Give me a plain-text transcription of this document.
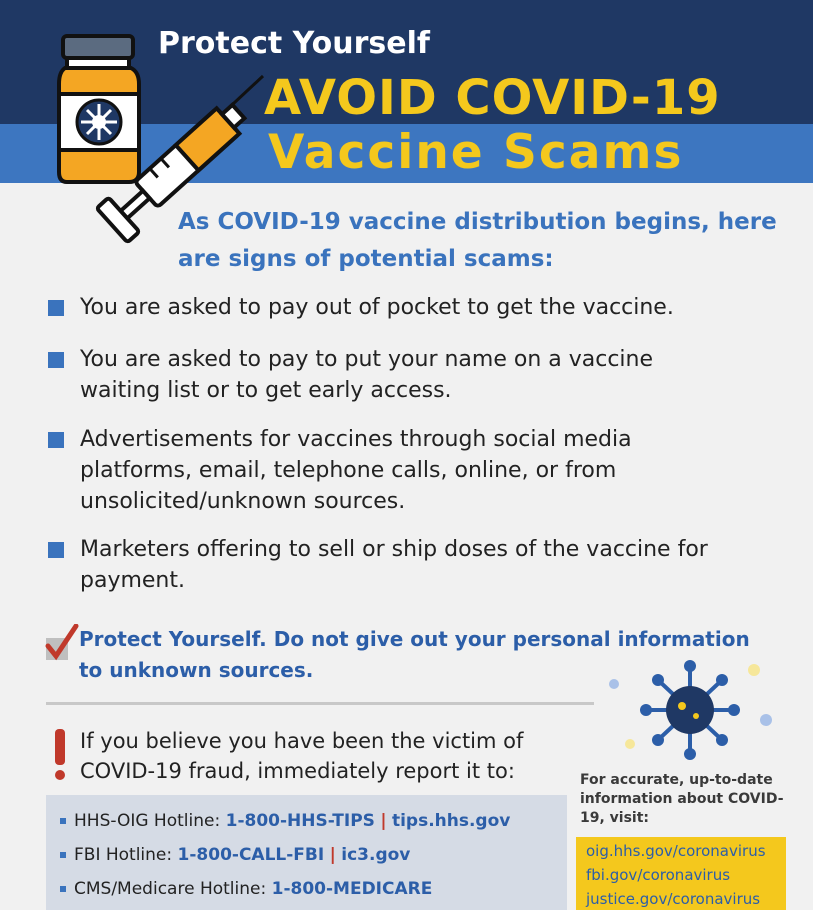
Protect Yourself
AVOID COVID-19
Vaccine Scams
As COVID-19 vaccine distribution begins, here are signs of potential scams:
You are asked to pay out of pocket to get the vaccine.
You are asked to pay to put your name on a vaccine waiting list or to get early access.
Advertisements for vaccines through social media platforms, email, telephone calls, online, or from unsolicited/unknown sources.
Marketers offering to sell or ship doses of the vaccine for payment.
Protect Yourself. Do not give out your personal information to unknown sources.
If you believe you have been the victim of COVID-19 fraud, immediately report it to:
HHS-OIG Hotline: 1-800-HHS-TIPS | tips.hhs.gov
FBI Hotline: 1-800-CALL-FBI | ic3.gov
CMS/Medicare Hotline: 1-800-MEDICARE
For accurate, up-to-date information about COVID-19, visit:
oig.hhs.gov/coronavirus
fbi.gov/coronavirus
justice.gov/coronavirus
